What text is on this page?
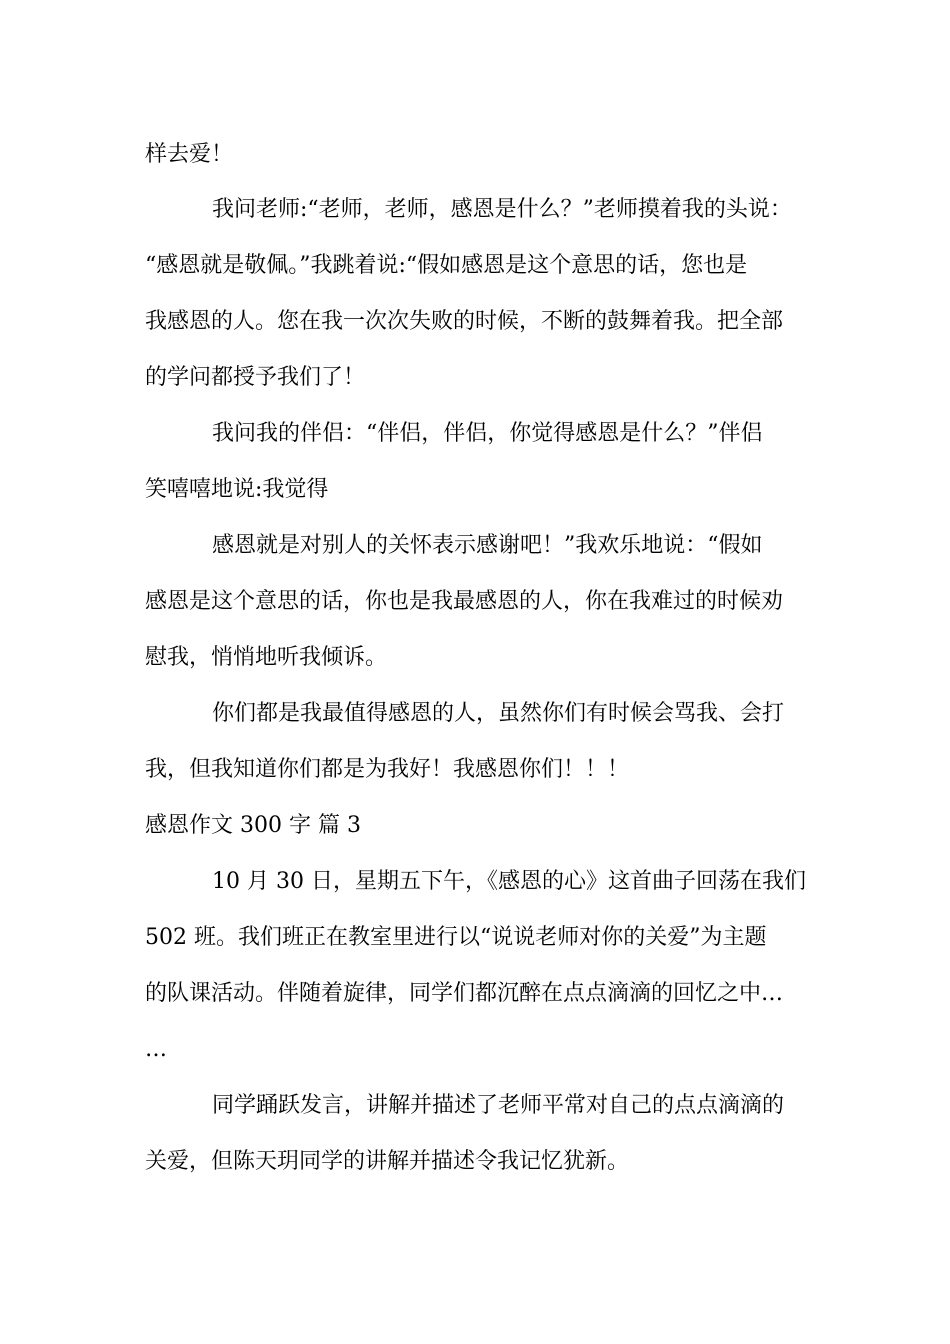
样去爱！
我问老师:“老师，老师，感恩是什么？”老师摸着我的头说：
“感恩就是敬佩。”我跳着说:“假如感恩是这个意思的话，您也是
我感恩的人。您在我一次次失败的时候，不断的鼓舞着我。把全部
的学问都授予我们了！
我问我的伴侣：“伴侣，伴侣，你觉得感恩是什么？”伴侣
笑嘻嘻地说:我觉得
感恩就是对别人的关怀表示感谢吧！”我欢乐地说：“假如
感恩是这个意思的话，你也是我最感恩的人，你在我难过的时候劝
慰我，悄悄地听我倾诉。
你们都是我最值得感恩的人，虽然你们有时候会骂我、会打
我，但我知道你们都是为我好！我感恩你们！！！
感恩作文 300 字 篇 3
10 月 30 日，星期五下午，《感恩的心》这首曲子回荡在我们
502 班。我们班正在教室里进行以“说说老师对你的关爱”为主题
的队课活动。伴随着旋律，同学们都沉醉在点点滴滴的回忆之中…
…
同学踊跃发言，讲解并描述了老师平常对自己的点点滴滴的
关爱，但陈天玥同学的讲解并描述令我记忆犹新。
